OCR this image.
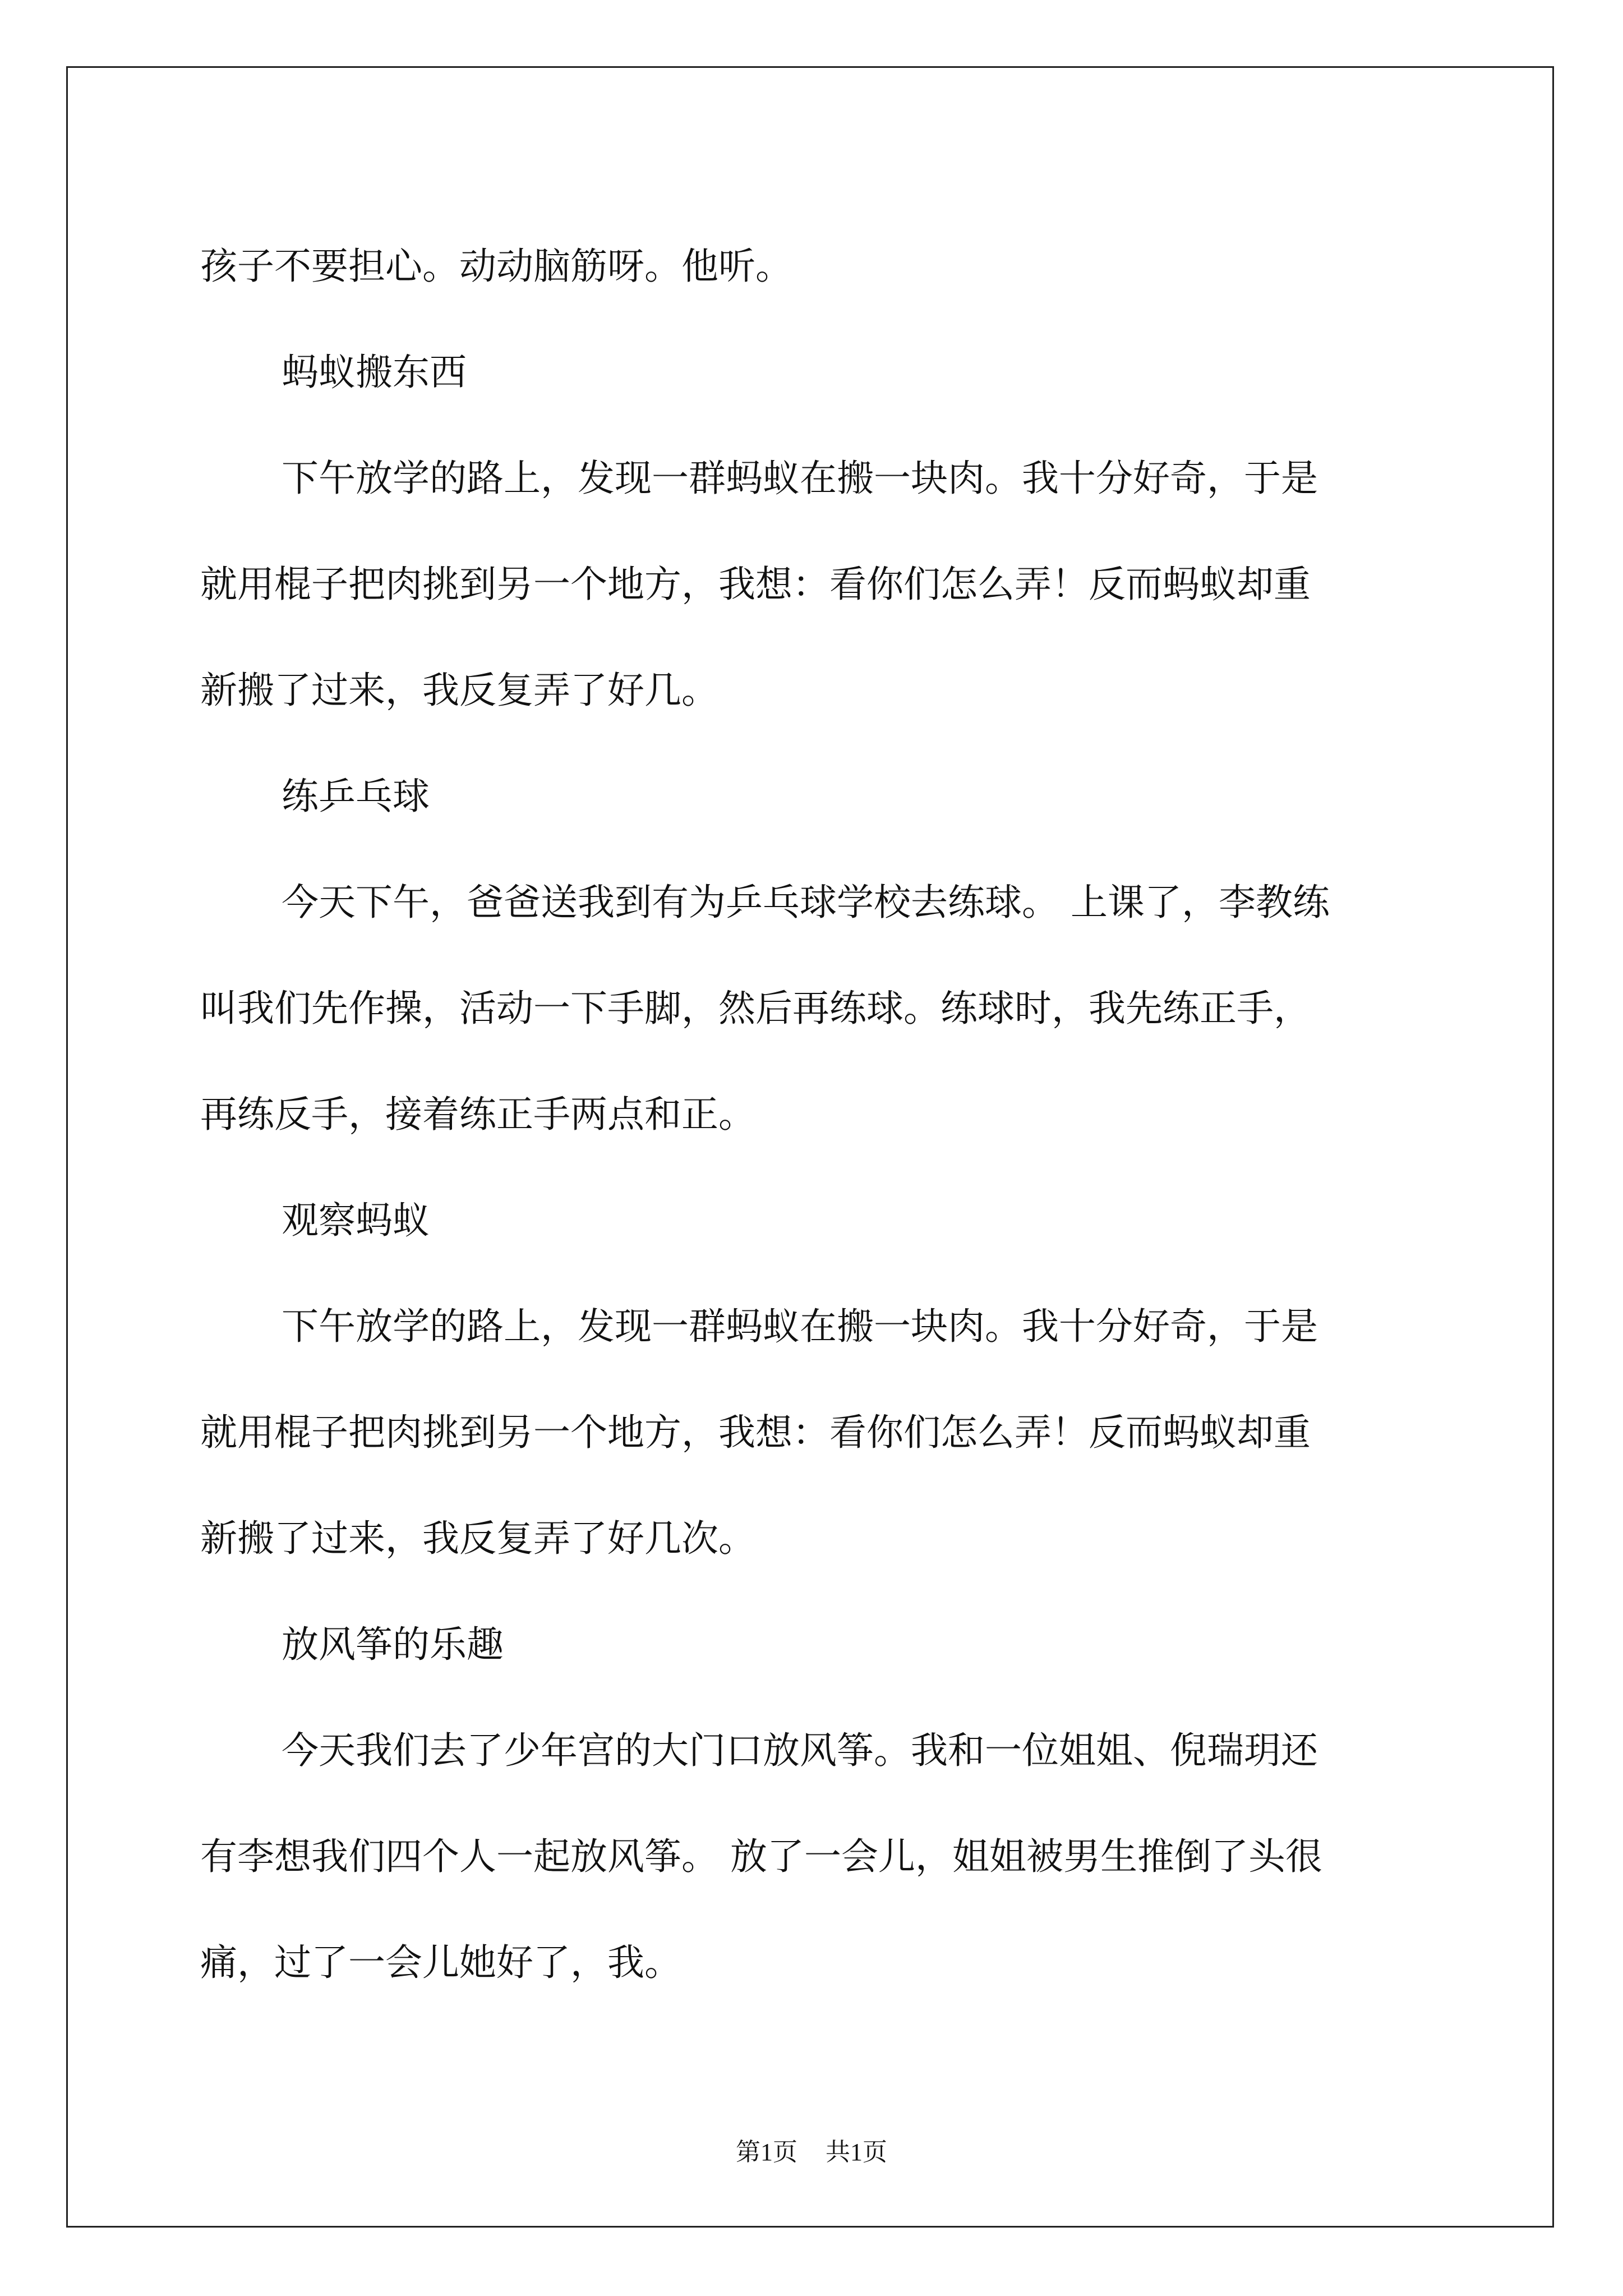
孩子不要担心。动动脑筋呀。他听。

蚂蚁搬东西

下午放学的路上，发现一群蚂蚁在搬一块肉。我十分好奇，于是

就用棍子把肉挑到另一个地方，我想：看你们怎么弄！反而蚂蚁却重

新搬了过来，我反复弄了好几。

练乒乓球

今天下午，爸爸送我到有为乒乓球学校去练球。 上课了，李教练

叫我们先作操，活动一下手脚，然后再练球。练球时，我先练正手，

再练反手，接着练正手两点和正。

观察蚂蚁

下午放学的路上，发现一群蚂蚁在搬一块肉。我十分好奇，于是

就用棍子把肉挑到另一个地方，我想：看你们怎么弄！反而蚂蚁却重

新搬了过来，我反复弄了好几次。

放风筝的乐趣

今天我们去了少年宫的大门口放风筝。我和一位姐姐、倪瑞玥还

有李想我们四个人一起放风筝。 放了一会儿，姐姐被男生推倒了头很

痛，过了一会儿她好了，我。

第1页 共1页
